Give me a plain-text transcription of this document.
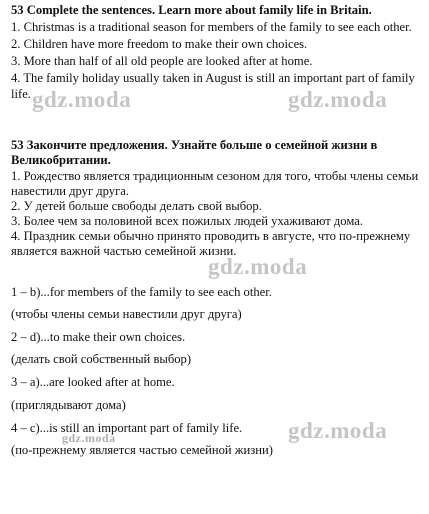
53 Complete the sentences. Learn more about family life in Britain.
1. Christmas is a traditional season for members of the family to see each other.
2. Children have more freedom to make their own choices.
3. More than half of all old people are looked after at home.
4. The family holiday usually taken in August is still an important part of family
life.
53 Закончите предложения. Узнайте больше о семейной жизни в
Великобритании.
1. Рождество является традиционным сезоном для того, чтобы члены семьи
навестили друг друга.
2. У детей больше свободы делать свой выбор.
3. Более чем за половиной всех пожилых людей ухаживают дома.
4. Праздник семьи обычно принято проводить в августе, что по-прежнему
является важной частью семейной жизни.
1 – b)...for members of the family to see each other.
(чтобы члены семьи навестили друг друга)
2 – d)...to make their own choices.
(делать свой собственный выбор)
3 – a)...are looked after at home.
(приглядывают дома)
4 – c)...is still an important part of family life.
(по-прежнему является частью семейной жизни)
gdz.moda	gdz.moda
gdz.moda
gdz.moda
gdz.moda
